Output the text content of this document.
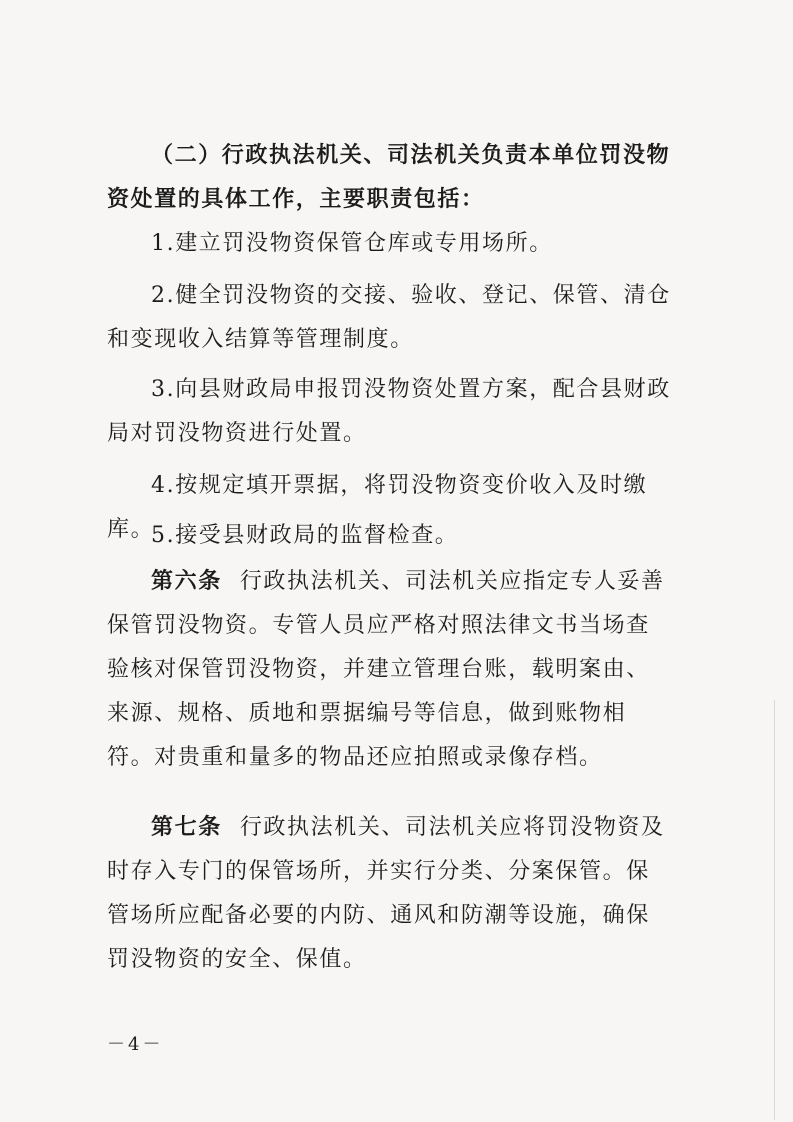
（二）行政执法机关、司法机关负责本单位罚没物资处置的具体工作，主要职责包括：

1.建立罚没物资保管仓库或专用场所。

2.健全罚没物资的交接、验收、登记、保管、清仓和变现收入结算等管理制度。

3.向县财政局申报罚没物资处置方案，配合县财政局对罚没物资进行处置。

4.按规定填开票据，将罚没物资变价收入及时缴库。

5.接受县财政局的监督检查。

第六条 行政执法机关、司法机关应指定专人妥善保管罚没物资。专管人员应严格对照法律文书当场查验核对保管罚没物资，并建立管理台账，载明案由、来源、规格、质地和票据编号等信息，做到账物相符。对贵重和量多的物品还应拍照或录像存档。

第七条 行政执法机关、司法机关应将罚没物资及时存入专门的保管场所，并实行分类、分案保管。保管场所应配备必要的内防、通风和防潮等设施，确保罚没物资的安全、保值。

－4－
